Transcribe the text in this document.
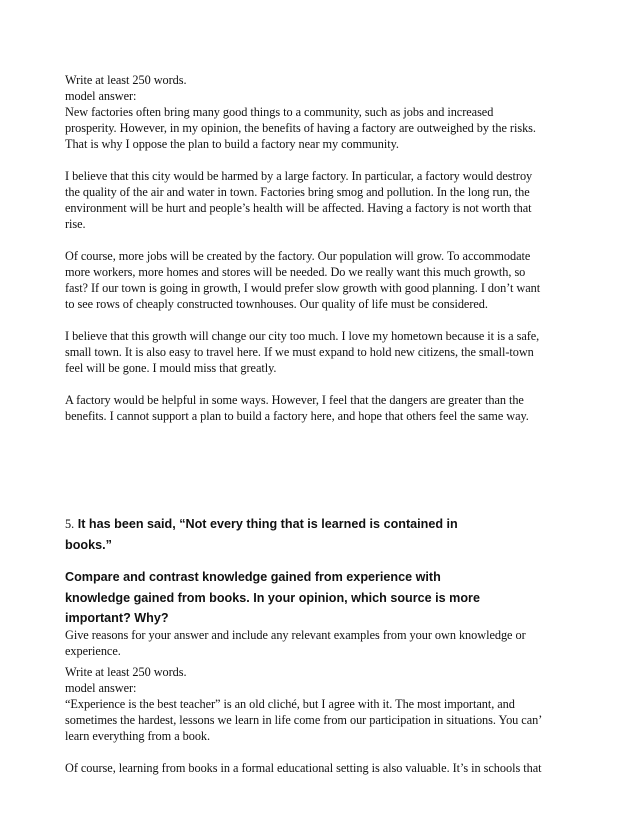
Write at least 250 words.

model answer:

New factories often bring many good things to a community, such as jobs and increased

prosperity. However, in my opinion, the benefits of having a factory are outweighed by the risks.

That is why I oppose the plan to build a factory near my community.

I believe that this city would be harmed by a large factory. In particular, a factory would destroy

the quality of the air and water in town. Factories bring smog and pollution. In the long run, the

environment will be hurt and people’s health will be affected. Having a factory is not worth that

rise.

Of course, more jobs will be created by the factory. Our population will grow. To accommodate

more workers, more homes and stores will be needed. Do we really want this much growth, so

fast? If our town is going in growth, I would prefer slow growth with good planning. I don’t want

to see rows of cheaply constructed townhouses. Our quality of life must be considered.

I believe that this growth will change our city too much. I love my hometown because it is a safe,

small town. It is also easy to travel here. If we must expand to hold new citizens, the small-town

feel will be gone. I mould miss that greatly.

A factory would be helpful in some ways. However, I feel that the dangers are greater than the

benefits. I cannot support a plan to build a factory here, and hope that others feel the same way.

5. It has been said, “Not every thing that is learned is contained in

books.”

Compare and contrast knowledge gained from experience with

knowledge gained from books. In your opinion, which source is more

important? Why?

Give reasons for your answer and include any relevant examples from your own knowledge or

experience.

Write at least 250 words.

model answer:

“Experience is the best teacher” is an old cliché, but I agree with it. The most important, and

sometimes the hardest, lessons we learn in life come from our participation in situations. You can’

learn everything from a book.

Of course, learning from books in a formal educational setting is also valuable. It’s in schools that
